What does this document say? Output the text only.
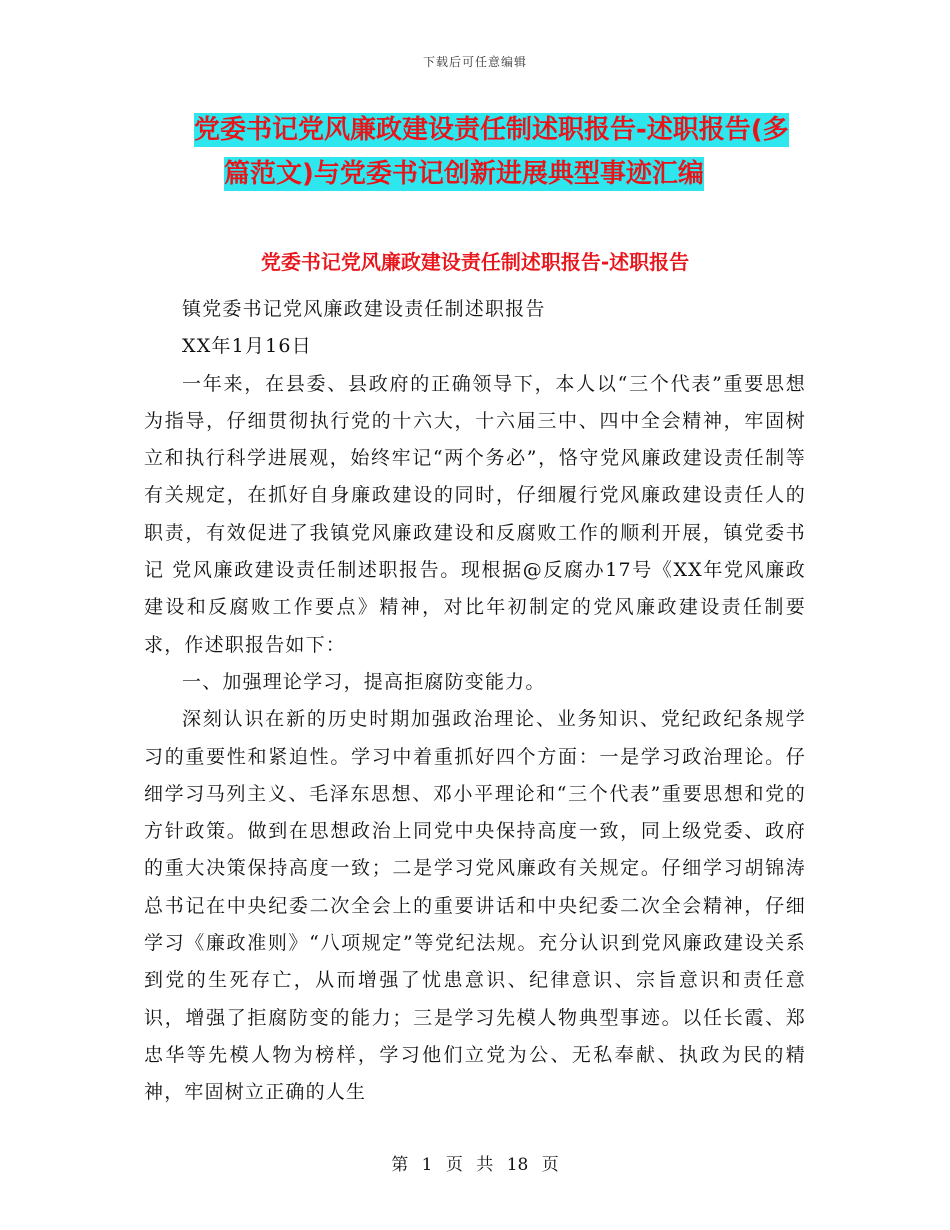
下载后可任意编辑
党委书记党风廉政建设责任制述职报告-述职报告(多
篇范文)与党委书记创新进展典型事迹汇编
党委书记党风廉政建设责任制述职报告-述职报告

镇党委书记党风廉政建设责任制述职报告

XX年1月16日

一年来，在县委、县政府的正确领导下，本人以“三个代表”重要思想为指导，仔细贯彻执行党的十六大，十六届三中、四中全会精神，牢固树立和执行科学进展观，始终牢记“两个务必”，恪守党风廉政建设责任制等有关规定，在抓好自身廉政建设的同时，仔细履行党风廉政建设责任人的职责，有效促进了我镇党风廉政建设和反腐败工作的顺利开展，镇党委书记 党风廉政建设责任制述职报告。现根据@反腐办17号《XX年党风廉政建设和反腐败工作要点》精神，对比年初制定的党风廉政建设责任制要求，作述职报告如下：

一、加强理论学习，提高拒腐防变能力。

深刻认识在新的历史时期加强政治理论、业务知识、党纪政纪条规学习的重要性和紧迫性。学习中着重抓好四个方面：一是学习政治理论。仔细学习马列主义、毛泽东思想、邓小平理论和“三个代表”重要思想和党的方针政策。做到在思想政治上同党中央保持高度一致，同上级党委、政府的重大决策保持高度一致；二是学习党风廉政有关规定。仔细学习胡锦涛总书记在中央纪委二次全会上的重要讲话和中央纪委二次全会精神，仔细学习《廉政准则》“八项规定”等党纪法规。充分认识到党风廉政建设关系到党的生死存亡，从而增强了忧患意识、纪律意识、宗旨意识和责任意识，增强了拒腐防变的能力；三是学习先模人物典型事迹。以任长霞、郑忠华等先模人物为榜样，学习他们立党为公、无私奉献、执政为民的精神，牢固树立正确的人生

第 1 页 共 18 页
